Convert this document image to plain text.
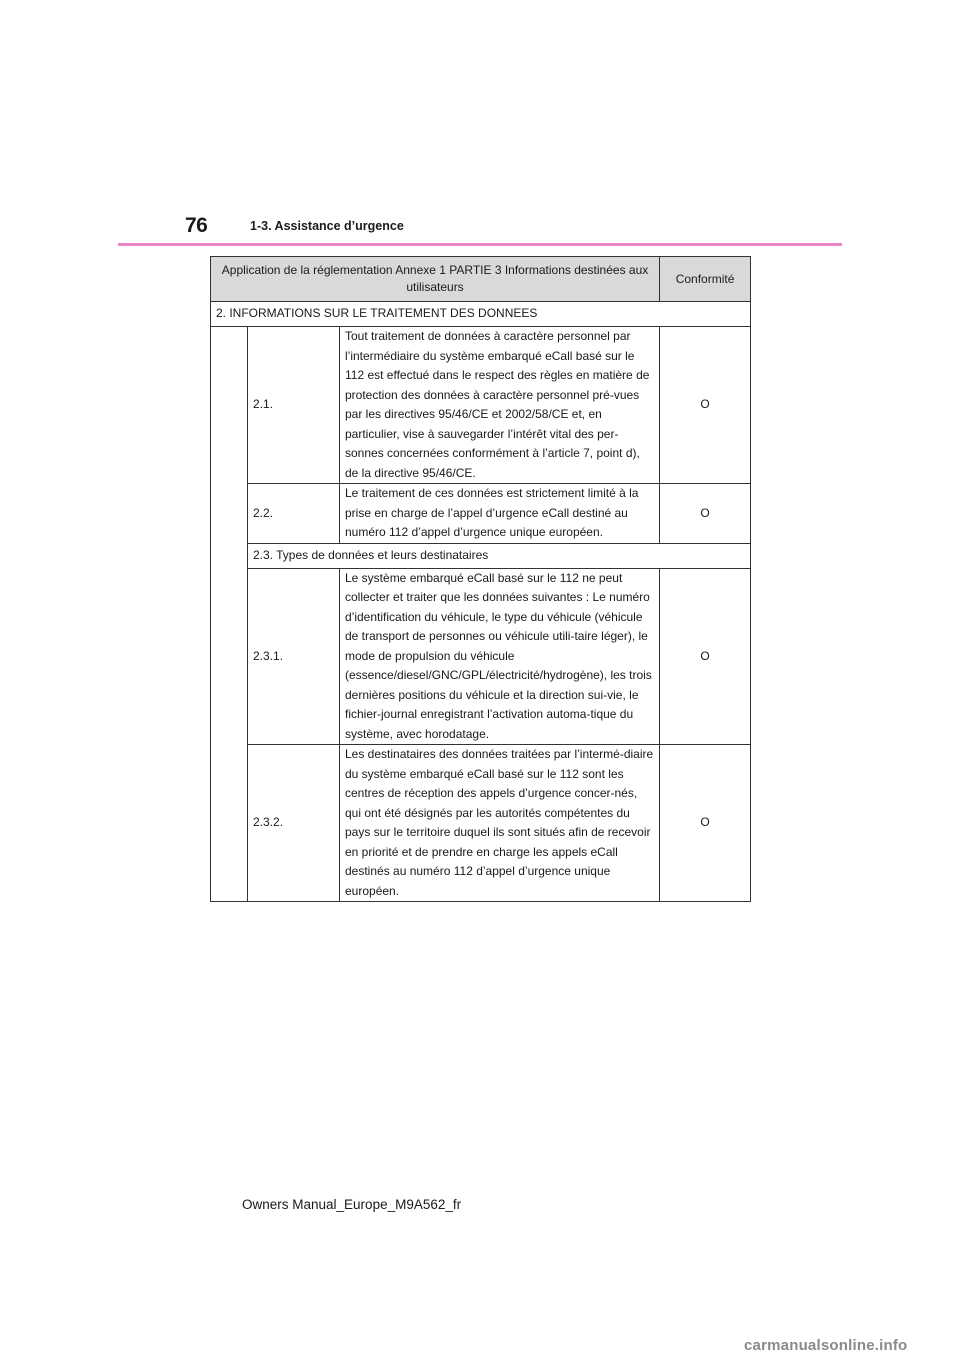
76	1-3. Assistance d’urgence
Application de la réglementation Annexe 1 PARTIE 3 Informations destinées aux utilisateurs			Conformité
2. INFORMATIONS SUR LE TRAITEMENT DES DONNEES			
	2.1.	Tout traitement de données à caractère personnel par l’intermédiaire du système embarqué eCall basé sur le 112 est effectué dans le respect des règles en matière de protection des données à caractère personnel pré-vues par les directives 95/46/CE et 2002/58/CE et, en particulier, vise à sauvegarder l’intérêt vital des per-sonnes concernées conformément à l’article 7, point d), de la directive 95/46/CE.	O
	2.2.	Le traitement de ces données est strictement limité à la prise en charge de l’appel d’urgence eCall destiné au numéro 112 d’appel d’urgence unique européen.	O
	2.3. Types de données et leurs destinataires		
	2.3.1.	Le système embarqué eCall basé sur le 112 ne peut collecter et traiter que les données suivantes : Le numéro d’identification du véhicule, le type du véhicule (véhicule de transport de personnes ou véhicule utili-taire léger), le mode de propulsion du véhicule (essence/diesel/GNC/GPL/électricité/hydrogène), les trois dernières positions du véhicule et la direction sui-vie, le fichier-journal enregistrant l’activation automa-tique du système, avec horodatage.	O
	2.3.2.	Les destinataires des données traitées par l’intermé-diaire du système embarqué eCall basé sur le 112 sont les centres de réception des appels d’urgence concer-nés, qui ont été désignés par les autorités compétentes du pays sur le territoire duquel ils sont situés afin de recevoir en priorité et de prendre en charge les appels eCall destinés au numéro 112 d’appel d’urgence unique européen.	O
Owners Manual_Europe_M9A562_fr
carmanualsonline.info
